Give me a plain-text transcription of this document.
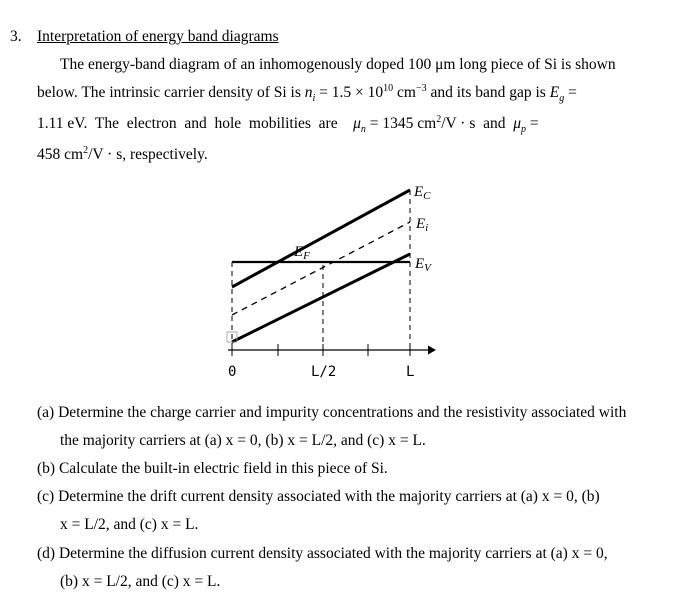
3. Interpretation of energy band diagrams
The energy-band diagram of an inhomogenously doped 100 μm long piece of Si is shown
below. The intrinsic carrier density of Si is $n_i = 1.5 \times 10^{10}$ $cm^{-3}$ and its band gap is $E_g$ =
1.11 eV.  The  electron  and  hole  mobilities  are    $\mu_n = 1345$ $cm^2/V \cdot s$  and  $\mu_p$ =
458 $cm^2/V \cdot s$, respectively.
$E_C$
$E_i$
$E_V$
$E_F$
0	L/2	L
(a) Determine the charge carrier and impurity concentrations and the resistivity associated with
the majority carriers at (a) x = 0, (b) x = L/2, and (c) x = L.
(b) Calculate the built-in electric field in this piece of Si.
(c) Determine the drift current density associated with the majority carriers at (a) x = 0, (b)
x = L/2, and (c) x = L.
(d) Determine the diffusion current density associated with the majority carriers at (a) x = 0,
(b) x = L/2, and (c) x = L.
